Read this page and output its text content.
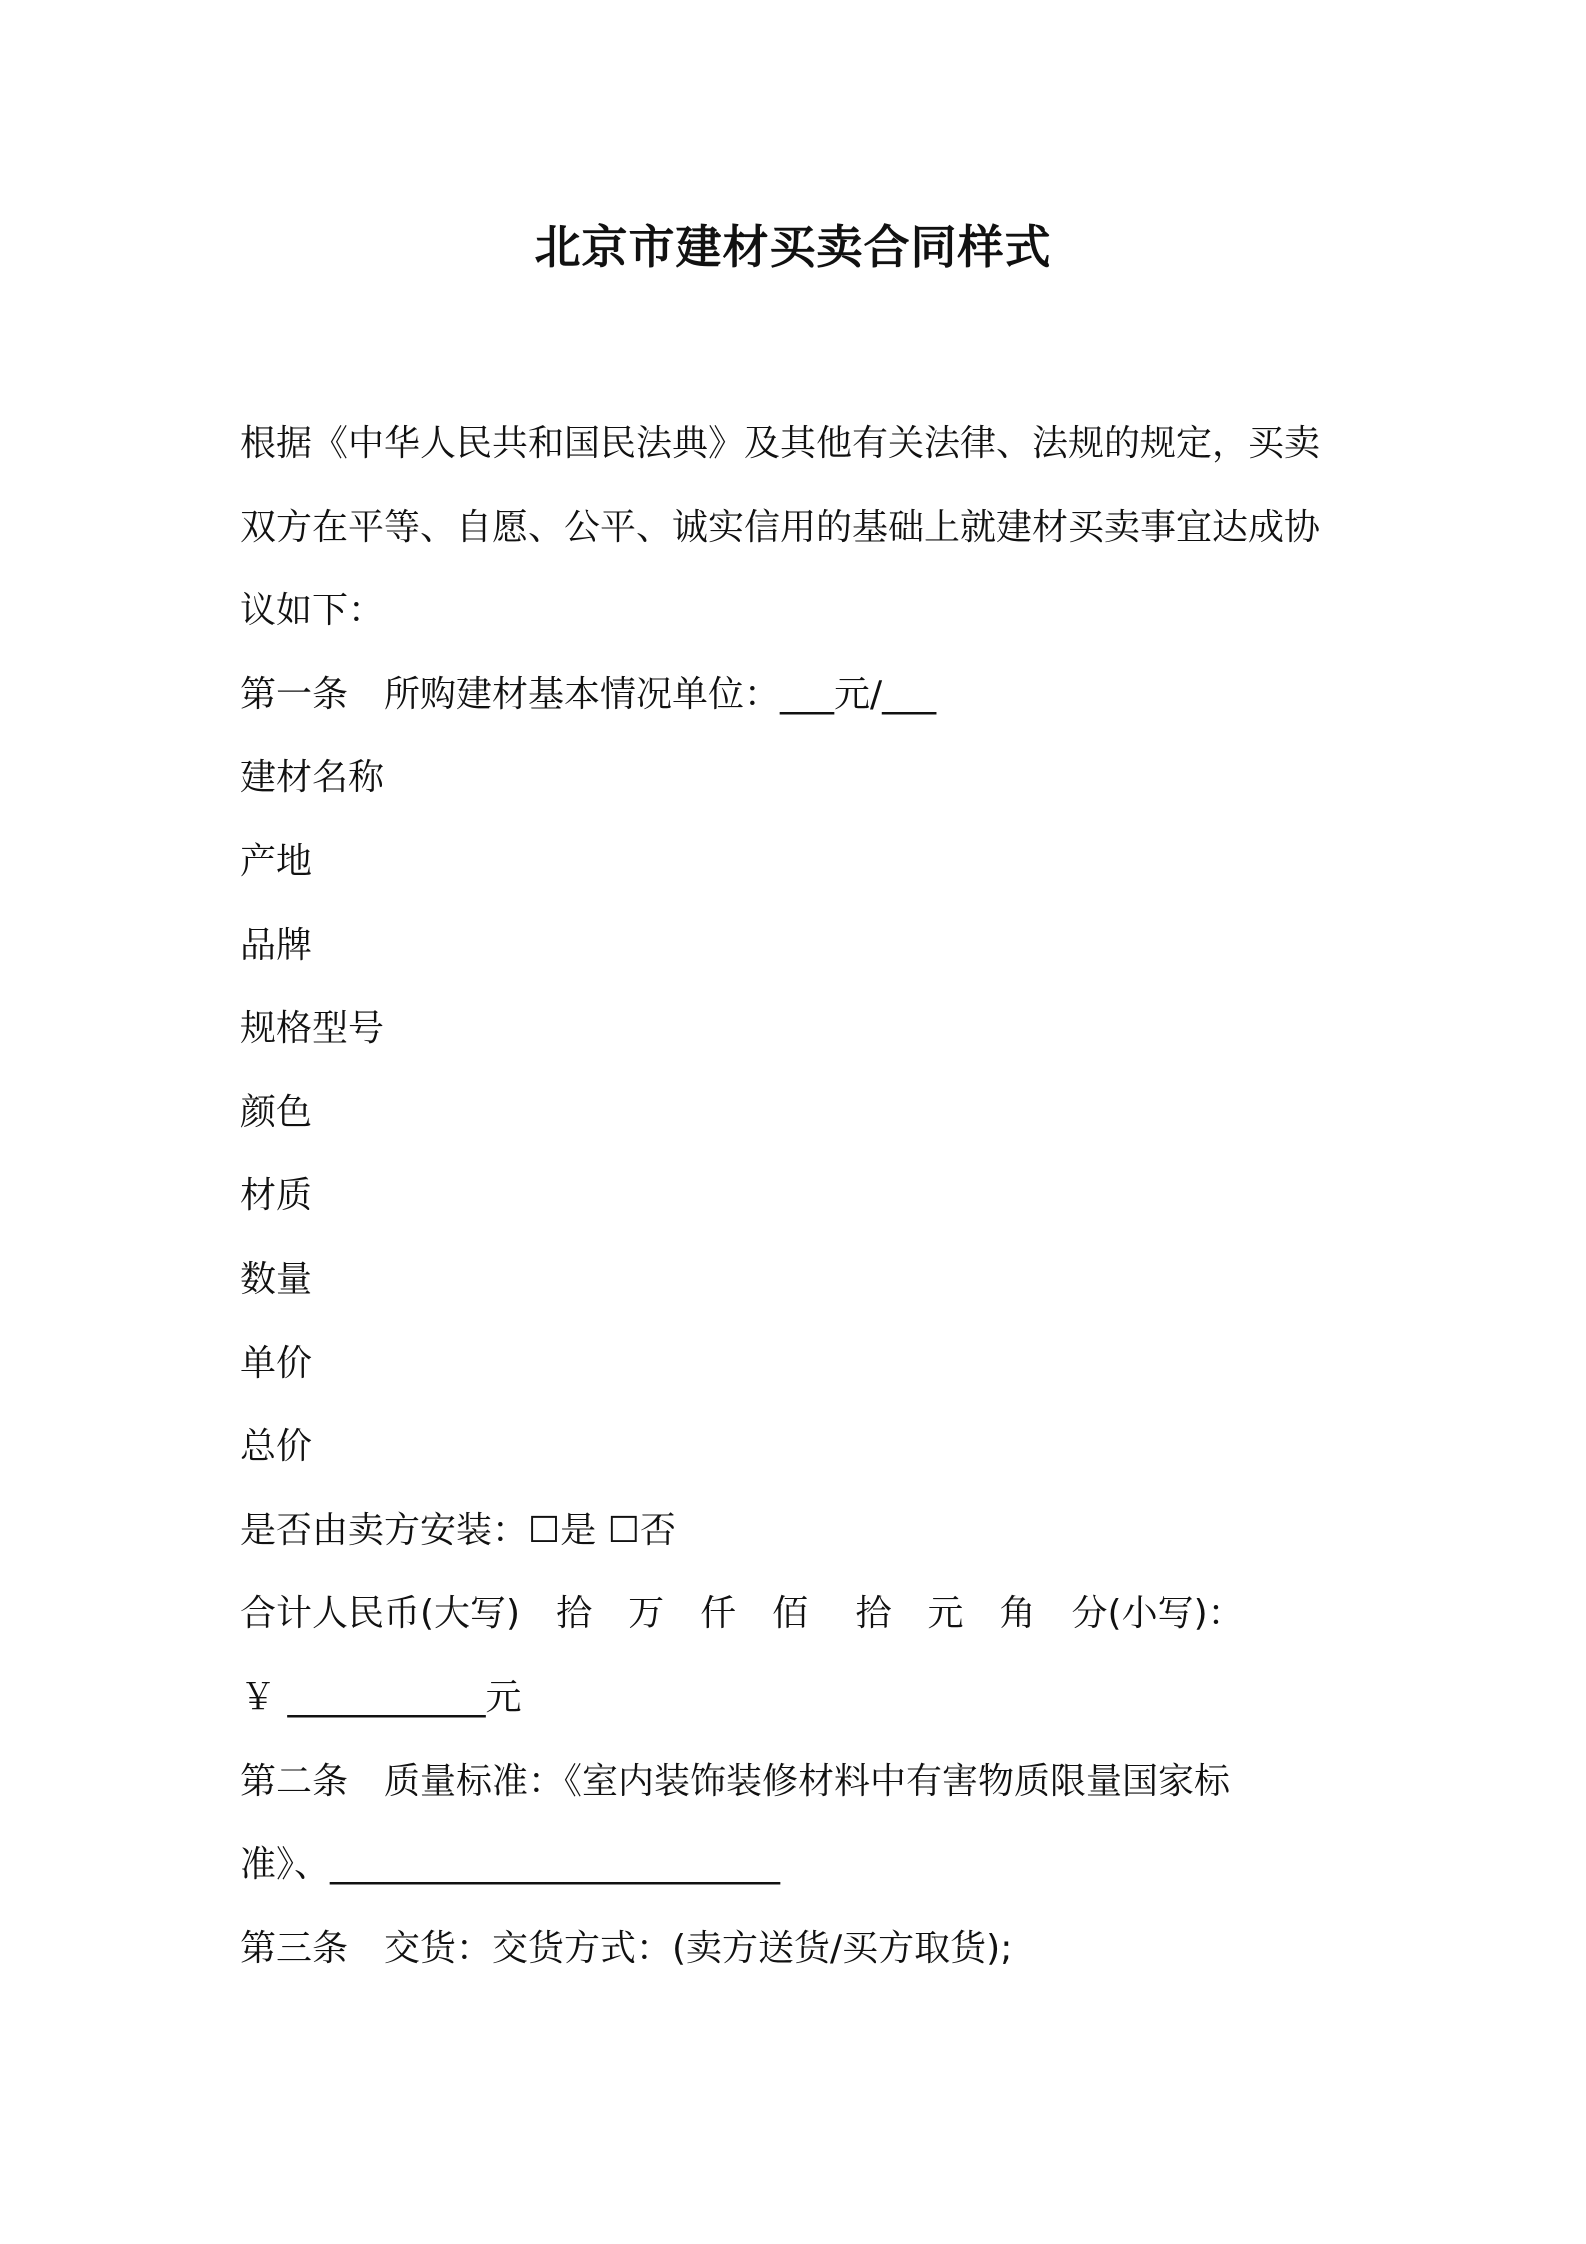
北京市建材买卖合同样式

根据《中华人民共和国民法典》及其他有关法律、法规的规定，买卖

双方在平等、自愿、公平、诚实信用的基础上就建材买卖事宜达成协

议如下：

第一条　所购建材基本情况单位：___元/___

建材名称

产地

品牌

规格型号

颜色

材质

数量

单价

总价

是否由卖方安装：☐是 ☐否

合计人民币(大写)　拾　万　仟　佰　 拾　元　角　分(小写)：

￥ ___________元

第二条　质量标准：《室内装饰装修材料中有害物质限量国家标

准》、_________________________

第三条　交货：交货方式：(卖方送货/买方取货);
